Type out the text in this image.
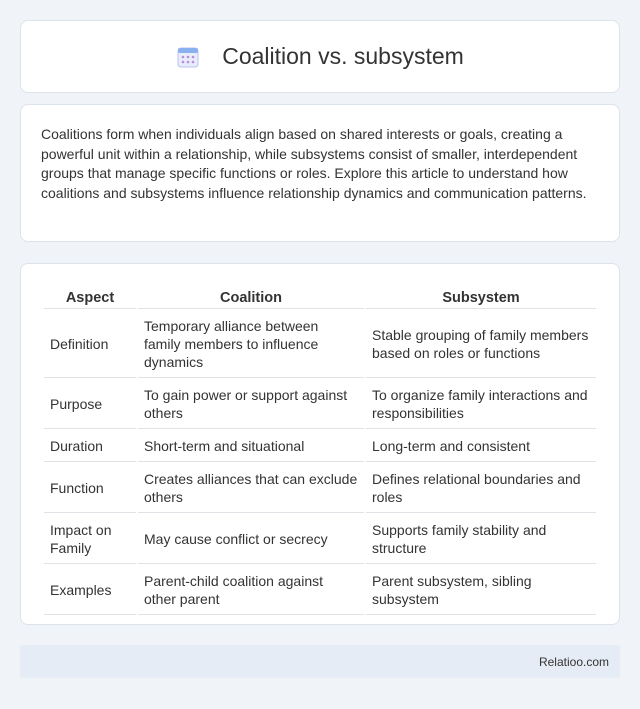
Coalition vs. subsystem

Coalitions form when individuals align based on shared interests or goals, creating a powerful unit within a relationship, while subsystems consist of smaller, interdependent groups that manage specific functions or roles. Explore this article to understand how coalitions and subsystems influence relationship dynamics and communication patterns.

Aspect	Coalition	Subsystem
Definition	Temporary alliance between family members to influence dynamics	Stable grouping of family members based on roles or functions
Purpose	To gain power or support against others	To organize family interactions and responsibilities
Duration	Short-term and situational	Long-term and consistent
Function	Creates alliances that can exclude others	Defines relational boundaries and roles
Impact on Family	May cause conflict or secrecy	Supports family stability and structure
Examples	Parent-child coalition against other parent	Parent subsystem, sibling subsystem
Relatioo.com
